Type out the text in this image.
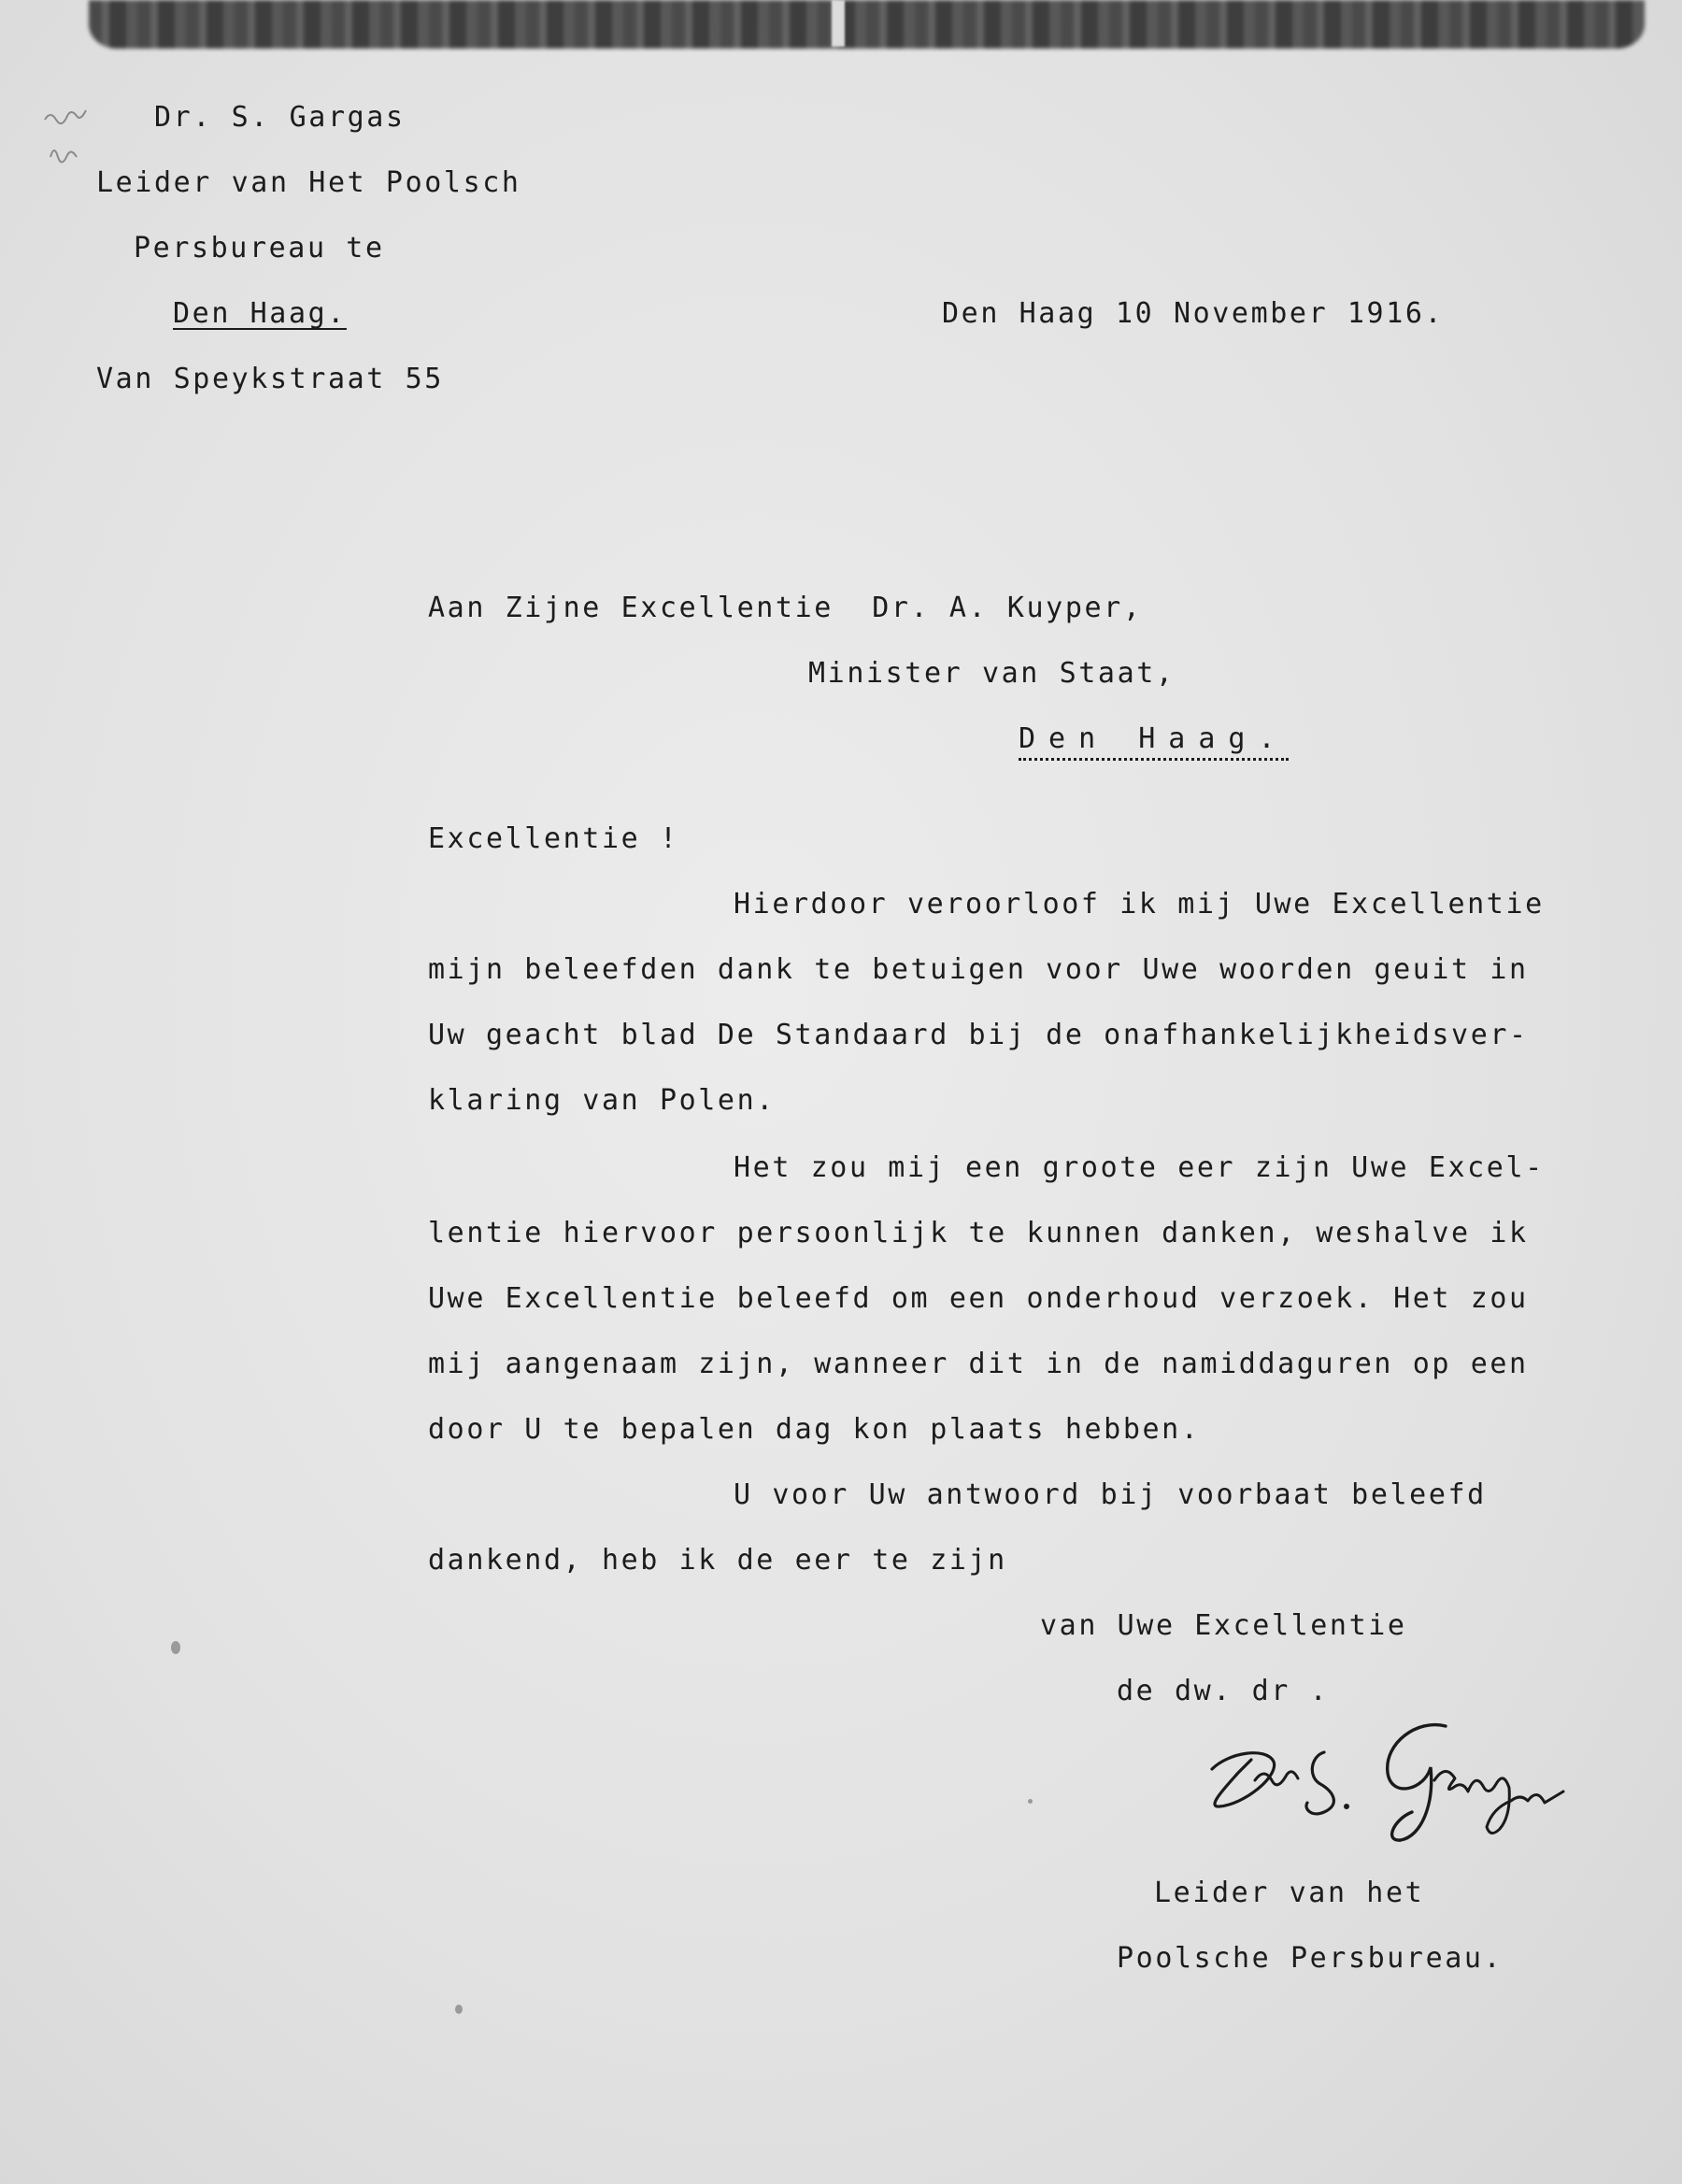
Dr. S. Gargas
Leider van Het Poolsch
Persbureau te
Den Haag.
Van Speykstraat 55
Den Haag 10 November 1916.
Aan Zijne Excellentie  Dr. A. Kuyper,
Minister van Staat,
Den Haag.
Excellentie !
Hierdoor veroorloof ik mij Uwe Excellentie
mijn beleefden dank te betuigen voor Uwe woorden geuit in
Uw geacht blad De Standaard bij de onafhankelijkheidsver-
klaring van Polen.
Het zou mij een groote eer zijn Uwe Excel-
lentie hiervoor persoonlijk te kunnen danken, weshalve ik
Uwe Excellentie beleefd om een onderhoud verzoek. Het zou
mij aangenaam zijn, wanneer dit in de namiddaguren op een
door U te bepalen dag kon plaats hebben.
U voor Uw antwoord bij voorbaat beleefd
dankend, heb ik de eer te zijn
van Uwe Excellentie
de dw. dr .
Leider van het
Poolsche Persbureau.
